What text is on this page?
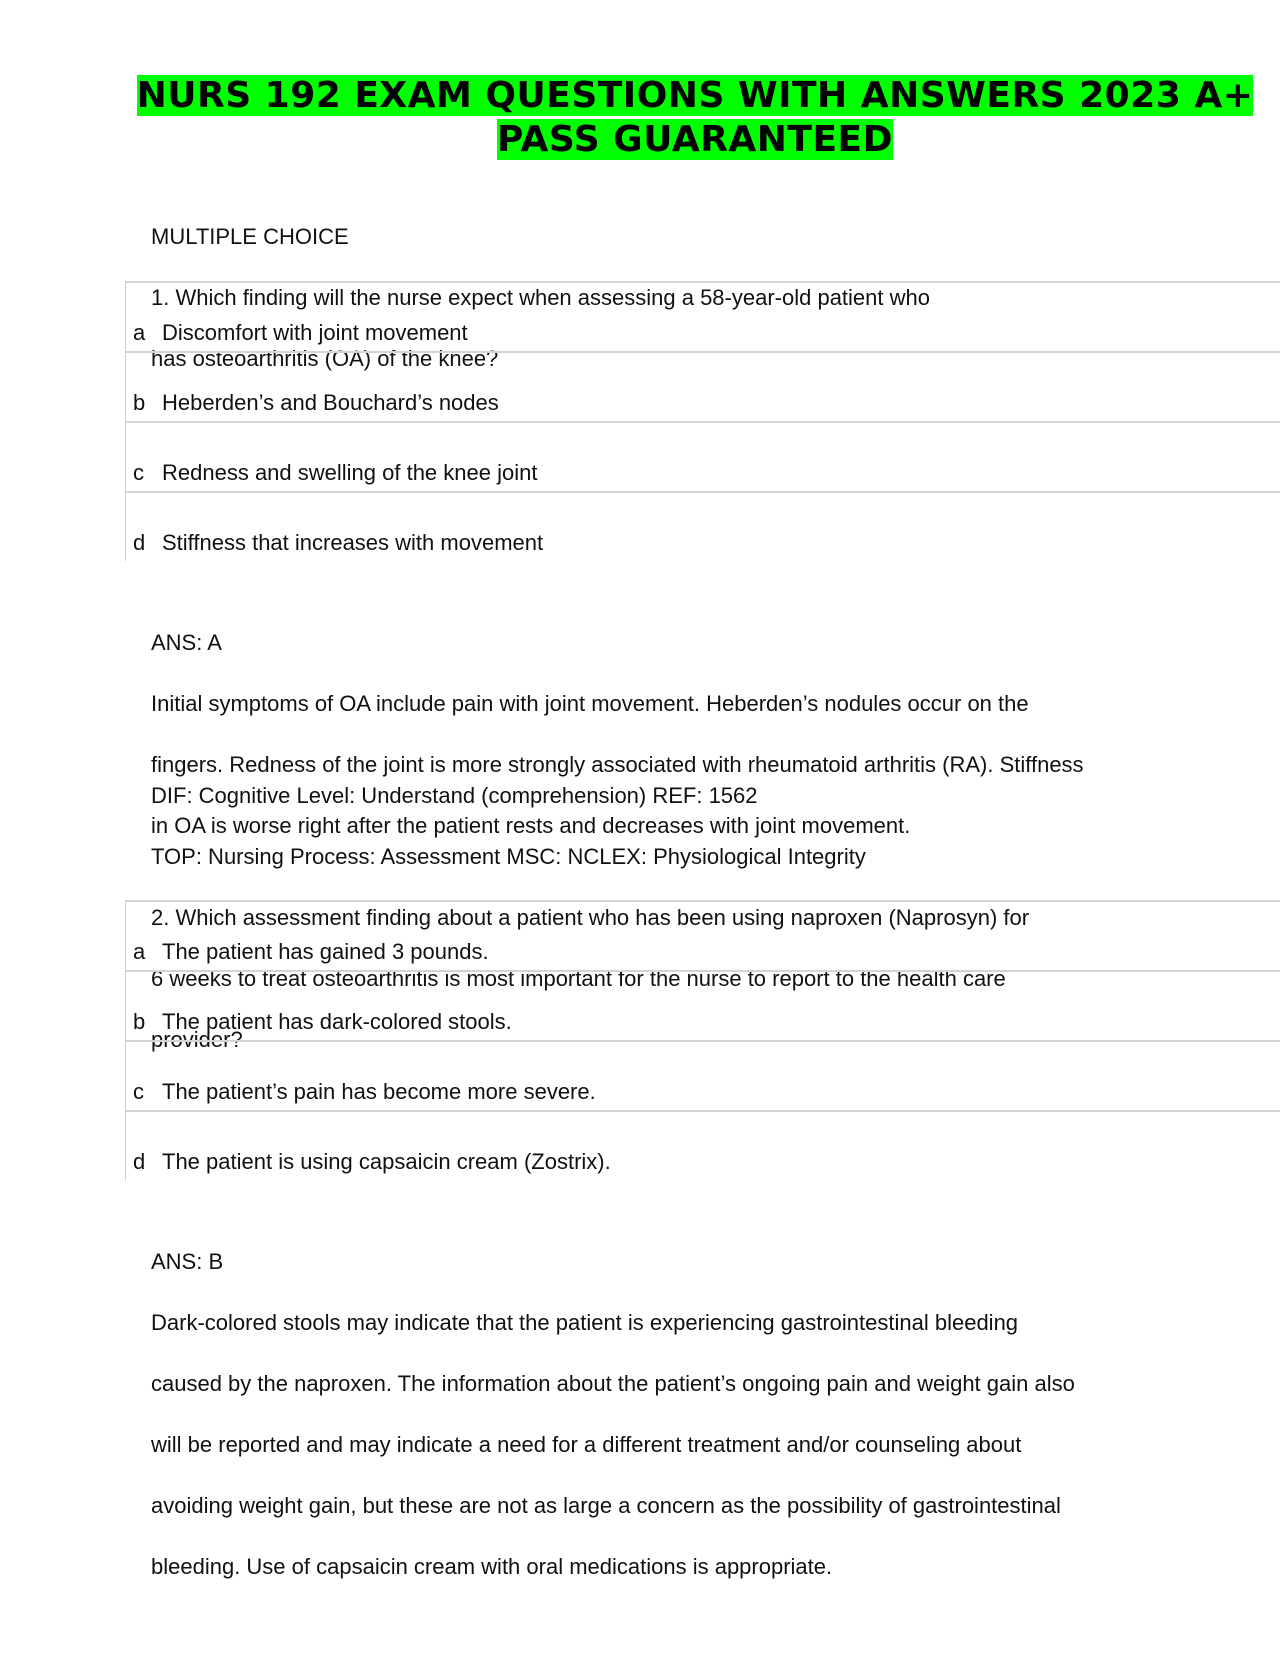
NURS 192 EXAM QUESTIONS WITH ANSWERS 2023 A+
PASS GUARANTEED

MULTIPLE CHOICE

1. Which finding will the nurse expect when assessing a 58-year-old patient who

has osteoarthritis (OA) of the knee?

a Discomfort with joint movement
b Heberden’s and Bouchard’s nodes
c Redness and swelling of the knee joint
d Stiffness that increases with movement

ANS: A

Initial symptoms of OA include pain with joint movement. Heberden’s nodules occur on the

fingers. Redness of the joint is more strongly associated with rheumatoid arthritis (RA). Stiffness

in OA is worse right after the patient rests and decreases with joint movement.

DIF: Cognitive Level: Understand (comprehension) REF: 1562

TOP: Nursing Process: Assessment MSC: NCLEX: Physiological Integrity

2. Which assessment finding about a patient who has been using naproxen (Naprosyn) for

6 weeks to treat osteoarthritis is most important for the nurse to report to the health care

provider?

a The patient has gained 3 pounds.
b The patient has dark-colored stools.
c The patient’s pain has become more severe.
d The patient is using capsaicin cream (Zostrix).

ANS: B

Dark-colored stools may indicate that the patient is experiencing gastrointestinal bleeding

caused by the naproxen. The information about the patient’s ongoing pain and weight gain also

will be reported and may indicate a need for a different treatment and/or counseling about

avoiding weight gain, but these are not as large a concern as the possibility of gastrointestinal

bleeding. Use of capsaicin cream with oral medications is appropriate.
